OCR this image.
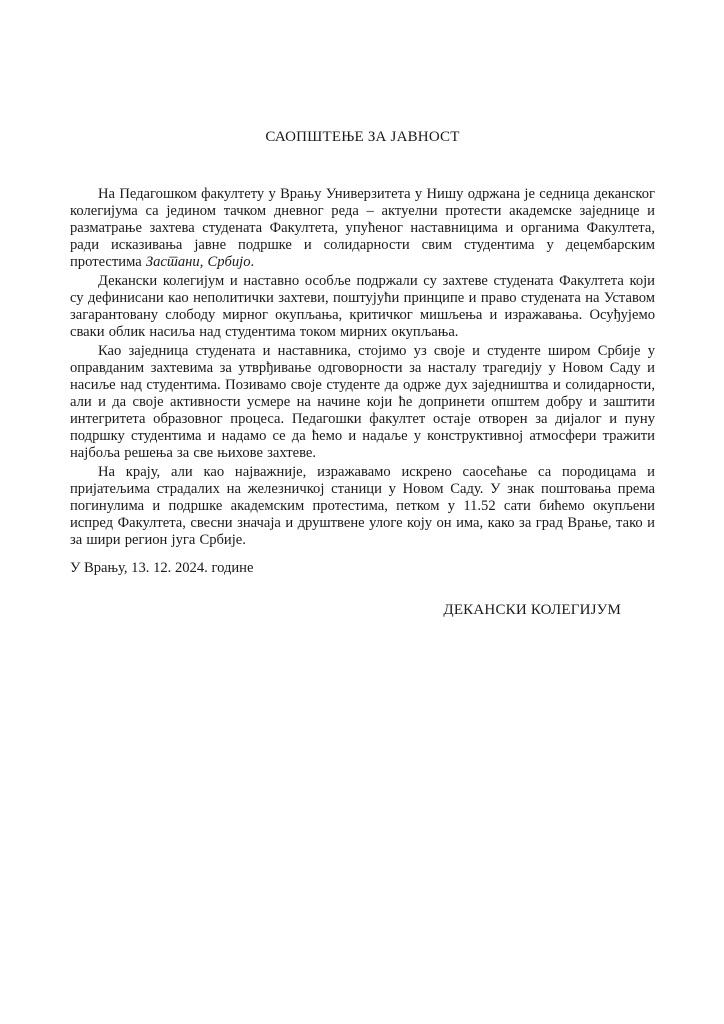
САОПШТЕЊЕ ЗА ЈАВНОСТ

На Педагошком факултету у Врању Универзитета у Нишу одржана је седница деканског колегијума са једином тачком дневног реда – актуелни протести академске заједнице и разматрање захтева студената Факултета, упућеног наставницима и органима Факултета, ради исказивања јавне подршке и солидарности свим студентима у децембарским протестима Застани, Србијо.

Декански колегијум и наставно особље подржали су захтеве студената Факултета који су дефинисани као неполитички захтеви, поштујући принципе и право студената на Уставом загарантовану слободу мирног окупљања, критичког мишљења и изражавања. Осуђујемо сваки облик насиља над студентима током мирних окупљања.

Као заједница студената и наставника, стојимо уз своје и студенте широм Србије у оправданим захтевима за утврђивање одговорности за насталу трагедију у Новом Саду и насиље над студентима. Позивамо своје студенте да одрже дух заједништва и солидарности, али и да своје активности усмере на начине који ће допринети општем добру и заштити интегритета образовног процеса. Педагошки факултет остаје отворен за дијалог и пуну подршку студентима и надамо се да ћемо и надаље у конструктивној атмосфери тражити најбоља решења за све њихове захтеве.

На крају, али као најважније, изражавамо искрено саосећање са породицама и пријатељима страдалих на железничкој станици у Новом Саду. У знак поштовања према погинулима и подршке академским протестима, петком у 11.52 сати бићемо окупљени испред Факултета, свесни значаја и друштвене улоге коју он има, како за град Врање, тако и за шири регион југа Србије.

У Врању, 13. 12. 2024. године

ДЕКАНСКИ КОЛЕГИЈУМ
